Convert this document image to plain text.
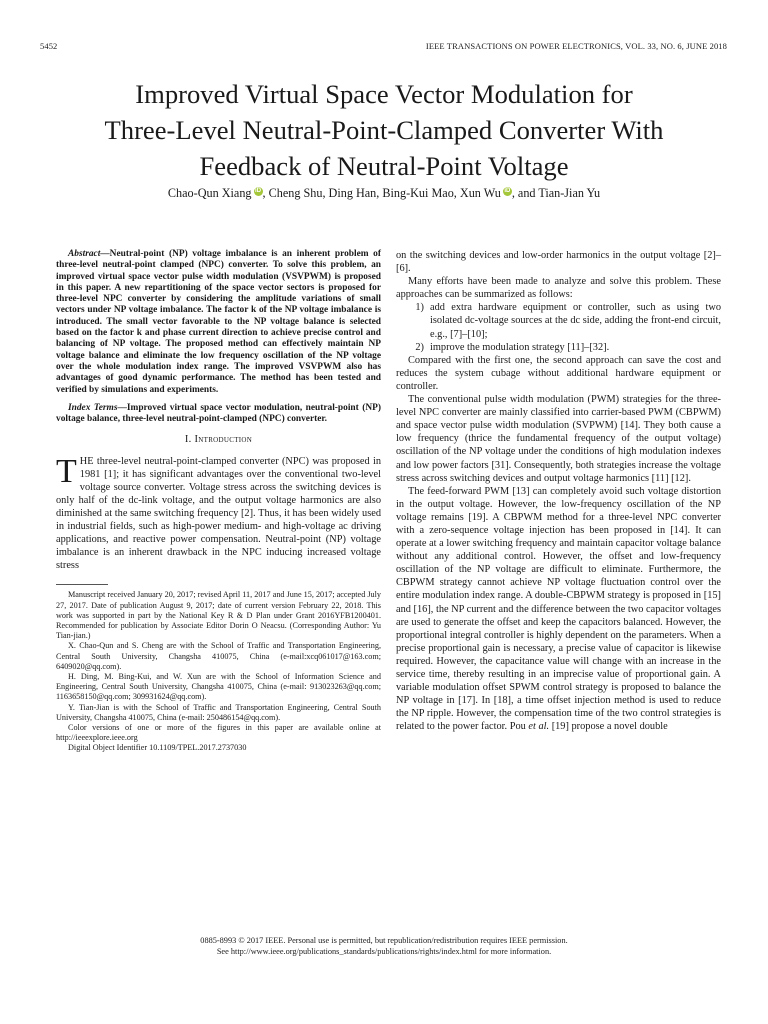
5452	IEEE TRANSACTIONS ON POWER ELECTRONICS, VOL. 33, NO. 6, JUNE 2018
Improved Virtual Space Vector Modulation for
Three-Level Neutral-Point-Clamped Converter With
Feedback of Neutral-Point Voltage
Chao-Qun Xiang iD , Cheng Shu, Ding Han, Bing-Kui Mao, Xun Wu iD , and Tian-Jian Yu

Abstract—Neutral-point (NP) voltage imbalance is an inherent problem of three-level neutral-point clamped (NPC) converter. To solve this problem, an improved virtual space vector pulse width modulation (VSVPWM) is proposed in this paper. A new repartitioning of the space vector sectors is proposed for three-level NPC converter by considering the amplitude variations of small vectors under NP voltage imbalance. The factor k of the NP voltage imbalance is introduced. The small vector favorable to the NP voltage balance is selected based on the factor k and phase current direction to achieve precise control and balancing of NP voltage. The proposed method can effectively maintain NP voltage balance and eliminate the low frequency oscillation of the NP voltage over the whole modulation index range. The improved VSVPWM also has advantages of good dynamic performance. The method has been tested and verified by simulations and experiments.

Index Terms—Improved virtual space vector modulation, neutral-point (NP) voltage balance, three-level neutral-point-clamped (NPC) converter.

I. Introduction

THE three-level neutral-point-clamped converter (NPC) was proposed in 1981 [1]; it has significant advantages over the conventional two-level voltage source converter. Voltage stress across the switching devices is only half of the dc-link voltage, and the output voltage harmonics are also diminished at the same switching frequency [2]. Thus, it has been widely used in industrial fields, such as high-power medium- and high-voltage ac driving applications, and reactive power compensation. Neutral-point (NP) voltage imbalance is an inherent drawback in the NPC inducing increased voltage stress

Manuscript received January 20, 2017; revised April 11, 2017 and June 15, 2017; accepted July 27, 2017. Date of publication August 9, 2017; date of current version February 22, 2018. This work was supported in part by the National Key R & D Plan under Grant 2016YFB1200401. Recommended for publication by Associate Editor Dorin O Neacsu. (Corresponding Author: Yu Tian-jian.)

X. Chao-Qun and S. Cheng are with the School of Traffic and Transportation Engineering, Central South University, Changsha 410075, China (e-mail:xcq061017@163.com; 6409020@qq.com).

H. Ding, M. Bing-Kui, and W. Xun are with the School of Information Science and Engineering, Central South University, Changsha 410075, China (e-mail: 913023263@qq.com; 1163658150@qq.com; 309931624@qq.com).

Y. Tian-Jian is with the School of Traffic and Transportation Engineering, Central South University, Changsha 410075, China (e-mail: 250486154@qq.com).

Color versions of one or more of the figures in this paper are available online at http://ieeexplore.ieee.org

Digital Object Identifier 10.1109/TPEL.2017.2737030

on the switching devices and low-order harmonics in the output voltage [2]–[6].

Many efforts have been made to analyze and solve this problem. These approaches can be summarized as follows:

1) add extra hardware equipment or controller, such as using two isolated dc-voltage sources at the dc side, adding the front-end circuit, e.g., [7]–[10];
2) improve the modulation strategy [11]–[32].

Compared with the first one, the second approach can save the cost and reduces the system cubage without additional hardware equipment or controller.

The conventional pulse width modulation (PWM) strategies for the three-level NPC converter are mainly classified into carrier-based PWM (CBPWM) and space vector pulse width modulation (SVPWM) [14]. They both cause a low frequency (thrice the fundamental frequency of the output voltage) oscillation of the NP voltage under the conditions of high modulation indexes and low power factors [31]. Consequently, both strategies increase the voltage stress across switching devices and output voltage harmonics [11] [12].

The feed-forward PWM [13] can completely avoid such voltage distortion in the output voltage. However, the low-frequency oscillation of the NP voltage remains [19]. A CBPWM method for a three-level NPC converter with a zero-sequence voltage injection has been proposed in [14]. It can operate at a lower switching frequency and maintain capacitor voltage balance without any additional control. However, the offset and low-frequency oscillation of the NP voltage are difficult to eliminate. Furthermore, the CBPWM strategy cannot achieve NP voltage fluctuation control over the entire modulation index range. A double-CBPWM strategy is proposed in [15] and [16], the NP current and the difference between the two capacitor voltages are used to generate the offset and keep the capacitors balanced. However, the proportional integral controller is highly dependent on the parameters. When a precise proportional gain is necessary, a precise value of capacitor is likewise required. However, the capacitance value will change with an increase in the service time, thereby resulting in an imprecise value of proportional gain. A variable modulation offset SPWM control strategy is proposed to balance the NP voltage in [17]. In [18], a time offset injection method is used to reduce the NP ripple. However, the compensation time of the two control strategies is related to the power factor. Pou et al. [19] propose a novel double

0885-8993 © 2017 IEEE. Personal use is permitted, but republication/redistribution requires IEEE permission.
See http://www.ieee.org/publications_standards/publications/rights/index.html for more information.
